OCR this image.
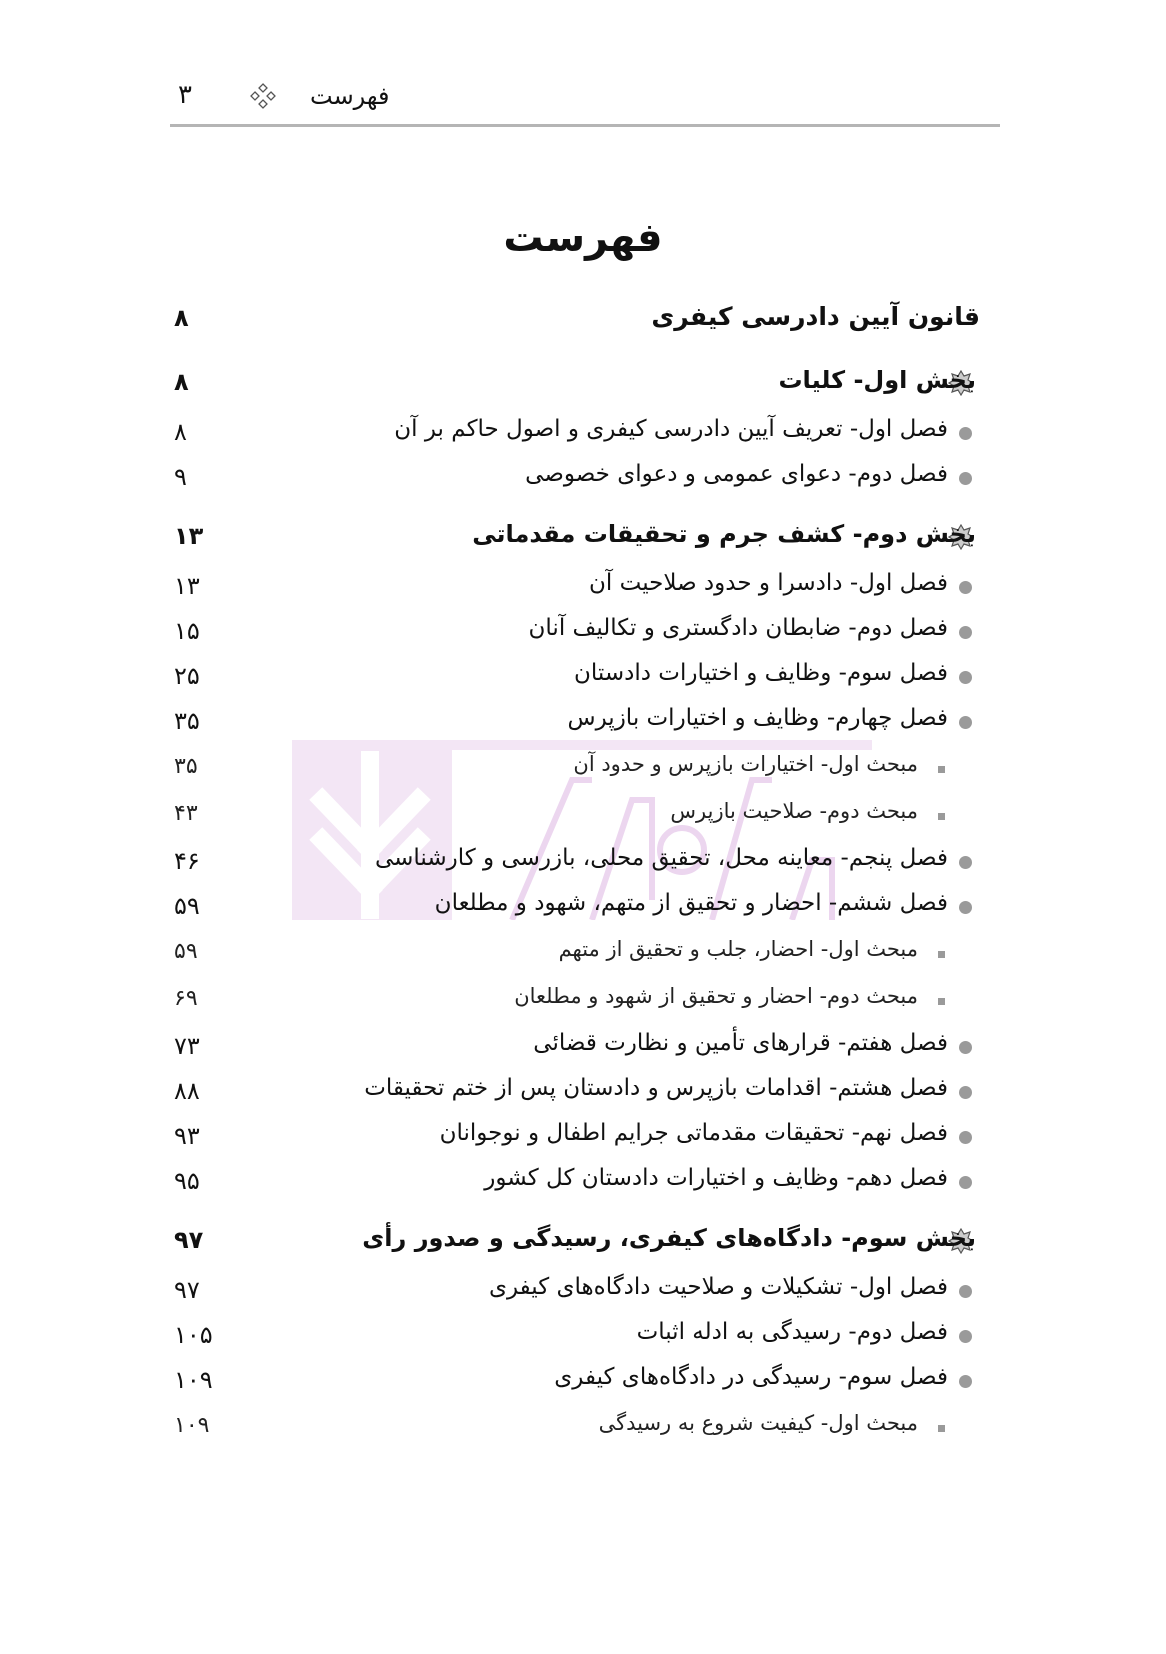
۳	فهرست
فهرست
۸	قانون آیین دادرسی کیفری
۸	بخش اول- کلیات
۸	فصل اول- تعریف آیین دادرسی کیفری و اصول حاکم بر آن
۹	فصل دوم- دعوای عمومی و دعوای خصوصی
۱۳	بخش دوم- کشف جرم و تحقیقات مقدماتی
۱۳	فصل اول- دادسرا و حدود صلاحیت آن
۱۵	فصل دوم- ضابطان دادگستری و تکالیف آنان
۲۵	فصل سوم- وظایف و اختیارات دادستان
۳۵	فصل چهارم- وظایف و اختیارات بازپرس
۳۵	مبحث اول- اختیارات بازپرس و حدود آن
۴۳	مبحث دوم- صلاحیت بازپرس
۴۶	فصل پنجم- معاینه محل، تحقیق محلی، بازرسی و کارشناسی
۵۹	فصل ششم- احضار و تحقیق از متهم، شهود و مطلعان
۵۹	مبحث اول- احضار، جلب و تحقیق از متهم
۶۹	مبحث دوم- احضار و تحقیق از شهود و مطلعان
۷۳	فصل هفتم- قرارهای تأمین و نظارت قضائی
۸۸	فصل هشتم- اقدامات بازپرس و دادستان پس از ختم تحقیقات
۹۳	فصل نهم- تحقیقات مقدماتی جرایم اطفال و نوجوانان
۹۵	فصل دهم- وظایف و اختیارات دادستان کل کشور
۹۷	بخش سوم- دادگاه‌های کیفری، رسیدگی و صدور رأی
۹۷	فصل اول- تشکیلات و صلاحیت دادگاه‌های کیفری
۱۰۵	فصل دوم- رسیدگی به ادله اثبات
۱۰۹	فصل سوم- رسیدگی در دادگاه‌های کیفری
۱۰۹	مبحث اول- کیفیت شروع به رسیدگی
